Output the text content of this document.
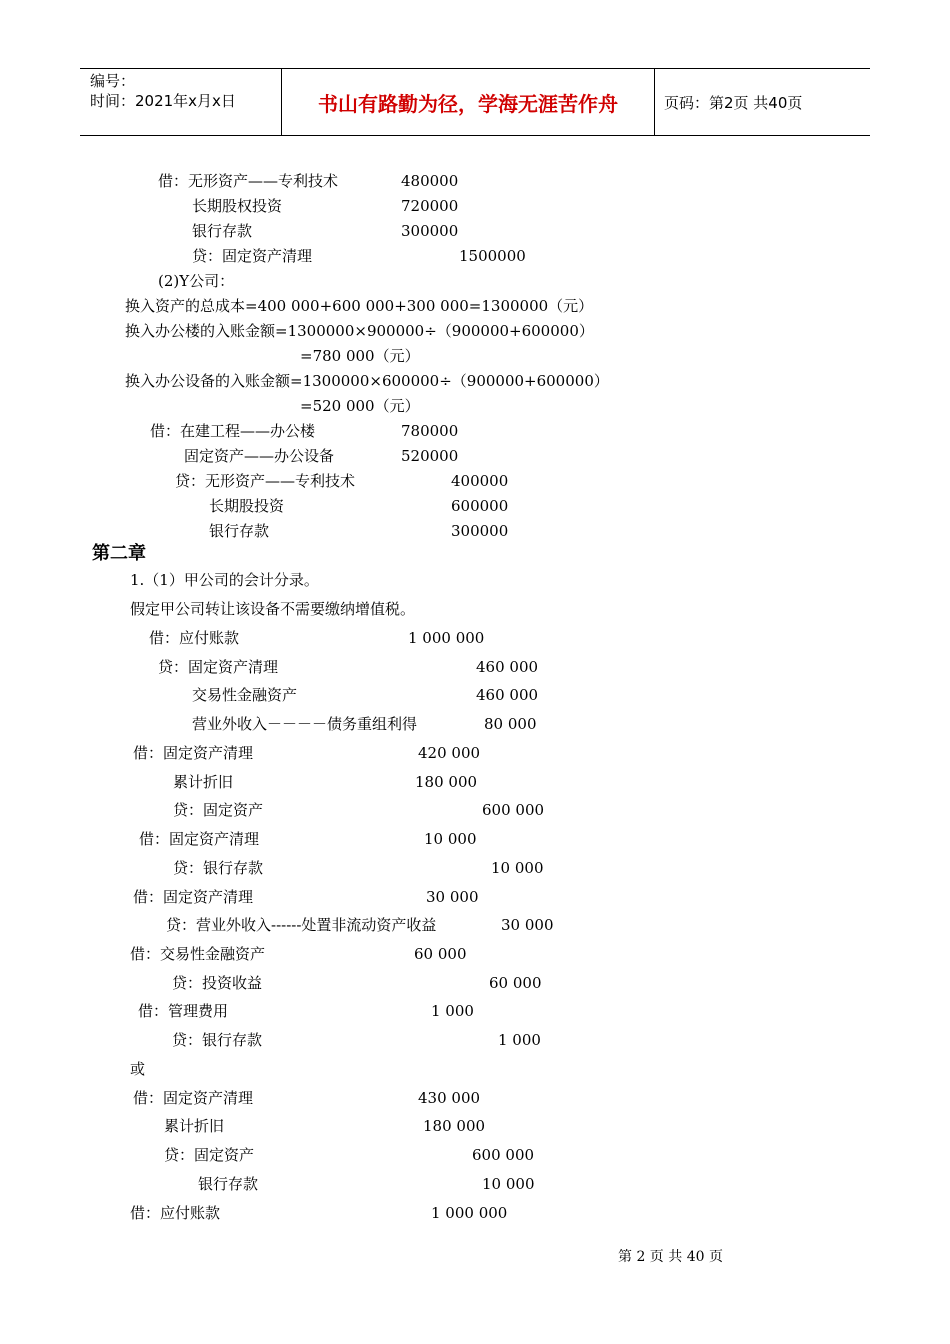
编号：
时间：2021年x月x日	书山有路勤为径，学海无涯苦作舟	页码：第2页 共40页
借：无形资产——专利技术
长期股权投资
银行存款
贷：固定资产清理
(2)Y公司：
换入资产的总成本=400 000+600 000+300 000=1300000（元）
换入办公楼的入账金额=1300000×900000÷（900000+600000）
=780 000（元）
换入办公设备的入账金额=1300000×600000÷（900000+600000）
=520 000（元）
借：在建工程——办公楼
固定资产——办公设备
贷：无形资产——专利技术
长期股投资
银行存款
第二章
1.（1）甲公司的会计分录。
假定甲公司转让该设备不需要缴纳增值税。
借：应付账款
贷：固定资产清理
交易性金融资产
营业外收入－－－－债务重组利得
借：固定资产清理
累计折旧
贷：固定资产
借：固定资产清理
贷：银行存款
借：固定资产清理
贷：营业外收入------处置非流动资产收益
借：交易性金融资产
贷：投资收益
借：管理费用
贷：银行存款
或
借：固定资产清理
累计折旧
贷：固定资产
银行存款
借：应付账款
480000
720000
300000
1500000
780000
520000
400000
600000
300000
1 000 000
460 000
460 000
80 000
420 000
180 000
600 000
10 000
10 000
30 000
30 000
60 000
60 000
1 000
1 000
430 000
180 000
600 000
10 000
1 000 000
第 2 页 共 40 页
